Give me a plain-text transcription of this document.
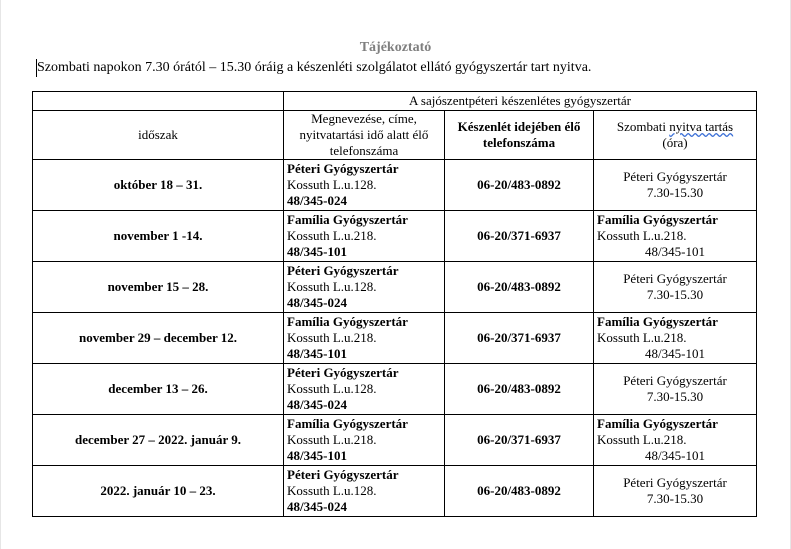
Tájékoztató
Szombati napokon 7.30 órától – 15.30 óráig a készenléti szolgálatot ellátó gyógyszertár tart nyitva.
	A sajószentpéteri készenlétes gyógyszertár		
időszak	Megnevezése, címe, nyitvatartási idő alatt élő telefonszáma	Készenlét idejében élő telefonszáma	Szombati nyitva tartás
(óra)
október 18 – 31.	Péteri Gyógyszertár
Kossuth L.u.128.
48/345-024	06-20/483-0892	Péteri Gyógyszertár
7.30-15.30

november 1 -14.	Família Gyógyszertár
Kossuth L.u.218.
48/345-101	06-20/371-6937	Família Gyógyszertár
Kossuth L.u.218.
48/345-101

november 15 – 28.	Péteri Gyógyszertár
Kossuth L.u.128.
48/345-024	06-20/483-0892	Péteri Gyógyszertár
7.30-15.30

november 29 – december 12.	Família Gyógyszertár
Kossuth L.u.218.
48/345-101	06-20/371-6937	Família Gyógyszertár
Kossuth L.u.218.
48/345-101

december 13 – 26.	Péteri Gyógyszertár
Kossuth L.u.128.
48/345-024	06-20/483-0892	Péteri Gyógyszertár
7.30-15.30

december 27 – 2022. január 9.	Família Gyógyszertár
Kossuth L.u.218.
48/345-101	06-20/371-6937	Família Gyógyszertár
Kossuth L.u.218.
48/345-101

2022. január 10 – 23.	Péteri Gyógyszertár
Kossuth L.u.128.
48/345-024	06-20/483-0892	Péteri Gyógyszertár
7.30-15.30
